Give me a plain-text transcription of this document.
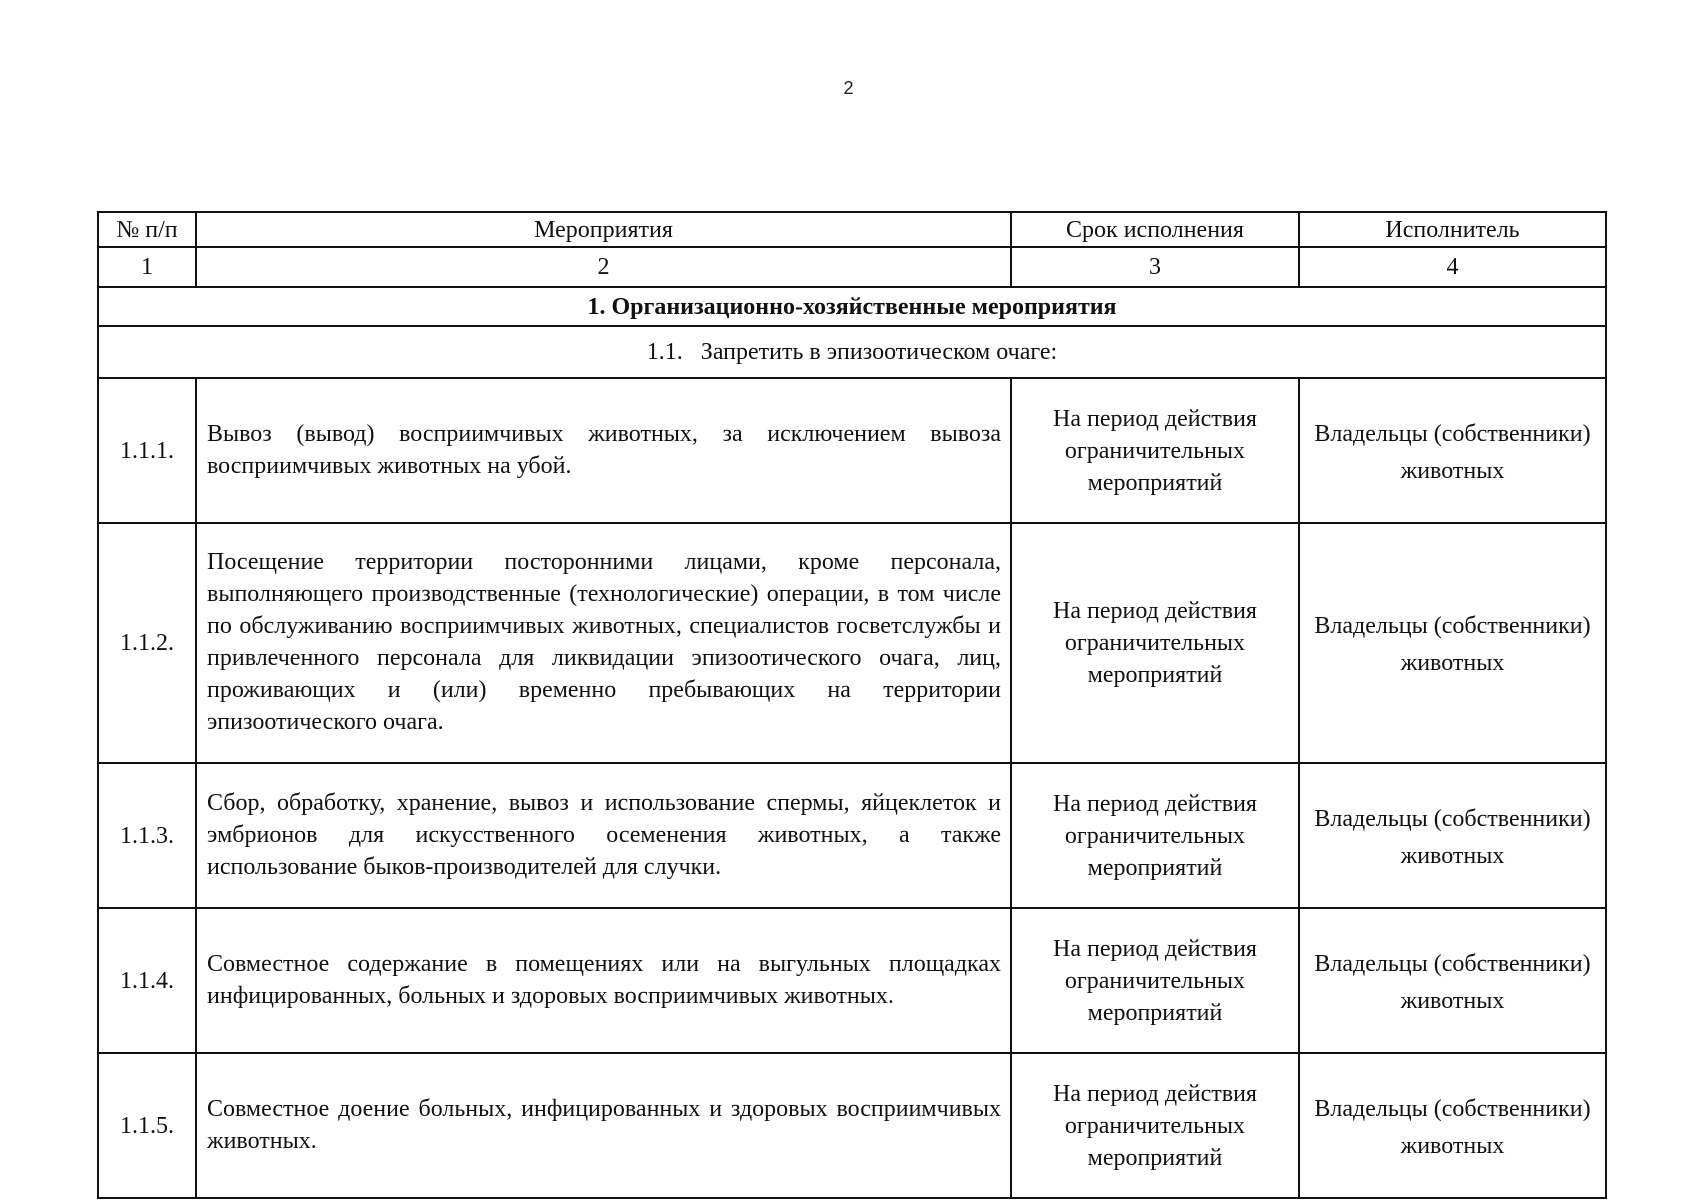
2
№ п/п	Мероприятия	Срок исполнения	Исполнитель
1	2	3	4
1. Организационно-хозяйственные мероприятия			
1.1. Запретить в эпизоотическом очаге:			
1.1.1.	Вывоз (вывод) восприимчивых животных, за исключением вывоза восприимчивых животных на убой.	На период действия ограничительных мероприятий	Владельцы (собственники) животных
1.1.2.	Посещение территории посторонними лицами, кроме персонала, выполняющего производственные (технологические) операции, в том числе по обслуживанию восприимчивых животных, специалистов госветслужбы и привлеченного персонала для ликвидации эпизоотического очага, лиц, проживающих и (или) временно пребывающих на территории эпизоотического очага.	На период действия ограничительных мероприятий	Владельцы (собственники) животных
1.1.3.	Сбор, обработку, хранение, вывоз и использование спермы, яйцеклеток и эмбрионов для искусственного осеменения животных, а также использование быков-производителей для случки.	На период действия ограничительных мероприятий	Владельцы (собственники) животных
1.1.4.	Совместное содержание в помещениях или на выгульных площадках инфицированных, больных и здоровых восприимчивых животных.	На период действия ограничительных мероприятий	Владельцы (собственники) животных
1.1.5.	Совместное доение больных, инфицированных и здоровых восприимчивых животных.	На период действия ограничительных мероприятий	Владельцы (собственники) животных
